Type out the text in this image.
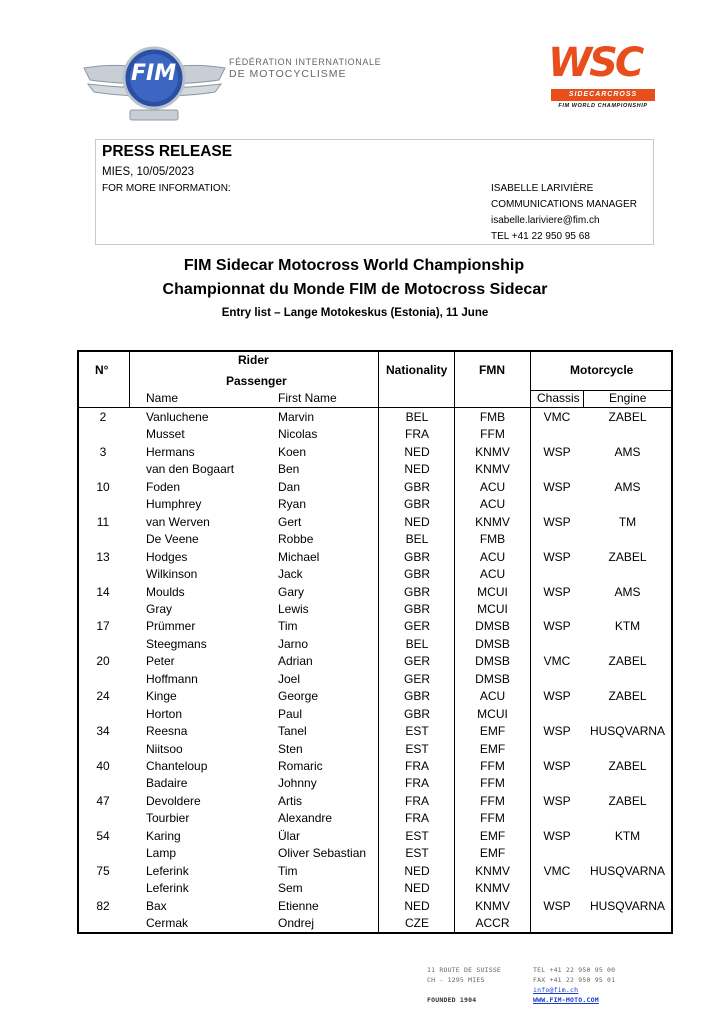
FIM	FÉDÉRATION INTERNATIONALE
DE MOTOCYCLISME	WSC
SIDECARCROSS
FIM WORLD CHAMPIONSHIP
PRESS RELEASE
MIES, 10/05/2023
FOR MORE INFORMATION:	ISABELLE LARIVIÈRE
COMMUNICATIONS MANAGER
isabelle.lariviere@fim.ch
TEL +41 22 950 95 68
FIM Sidecar Motocross World Championship
Championnat du Monde FIM de Motocross Sidecar
Entry list – Lange Motokeskus (Estonia), 11 June
N°
Rider
Passenger
Name	First Name
Nationality	FMN	Motorcycle
Chassis Engine
2	Vanluchene	Marvin	BEL	FMB	VMC	ZABEL
Musset	Nicolas	FRA	FFM
3	Hermans	Koen	NED	KNMV	WSP	AMS
van den Bogaart	Ben	NED	KNMV
10	Foden	Dan	GBR	ACU	WSP	AMS
Humphrey	Ryan	GBR	ACU
11	van Werven	Gert	NED	KNMV	WSP	TM
De Veene	Robbe	BEL	FMB
13	Hodges	Michael	GBR	ACU	WSP	ZABEL
Wilkinson	Jack	GBR	ACU
14	Moulds	Gary	GBR	MCUI	WSP	AMS
Gray	Lewis	GBR	MCUI
17	Prümmer	Tim	GER	DMSB	WSP	KTM
Steegmans	Jarno	BEL	DMSB
20	Peter	Adrian	GER	DMSB	VMC	ZABEL
Hoffmann	Joel	GER	DMSB
24	Kinge	George	GBR	ACU	WSP	ZABEL
Horton	Paul	GBR	MCUI
34	Reesna	Tanel	EST	EMF	WSP	HUSQVARNA
Niitsoo	Sten	EST	EMF
40	Chanteloup	Romaric	FRA	FFM	WSP	ZABEL
Badaire	Johnny	FRA	FFM
47	Devoldere	Artis	FRA	FFM	WSP	ZABEL
Tourbier	Alexandre	FRA	FFM
54	Karing	Ülar	EST	EMF	WSP	KTM
Lamp	Oliver Sebastian	EST	EMF
75	Leferink	Tim	NED	KNMV	VMC	HUSQVARNA
Leferink	Sem	NED	KNMV
82	Bax	Etienne	NED	KNMV	WSP	HUSQVARNA
Cermak	Ondrej	CZE	ACCR
11 ROUTE DE SUISSE
CH - 1295 MIES
FOUNDED 1904
TEL +41 22 950 95 00
FAX +41 22 950 95 01
info@fim.ch
WWW.FIM-MOTO.COM
